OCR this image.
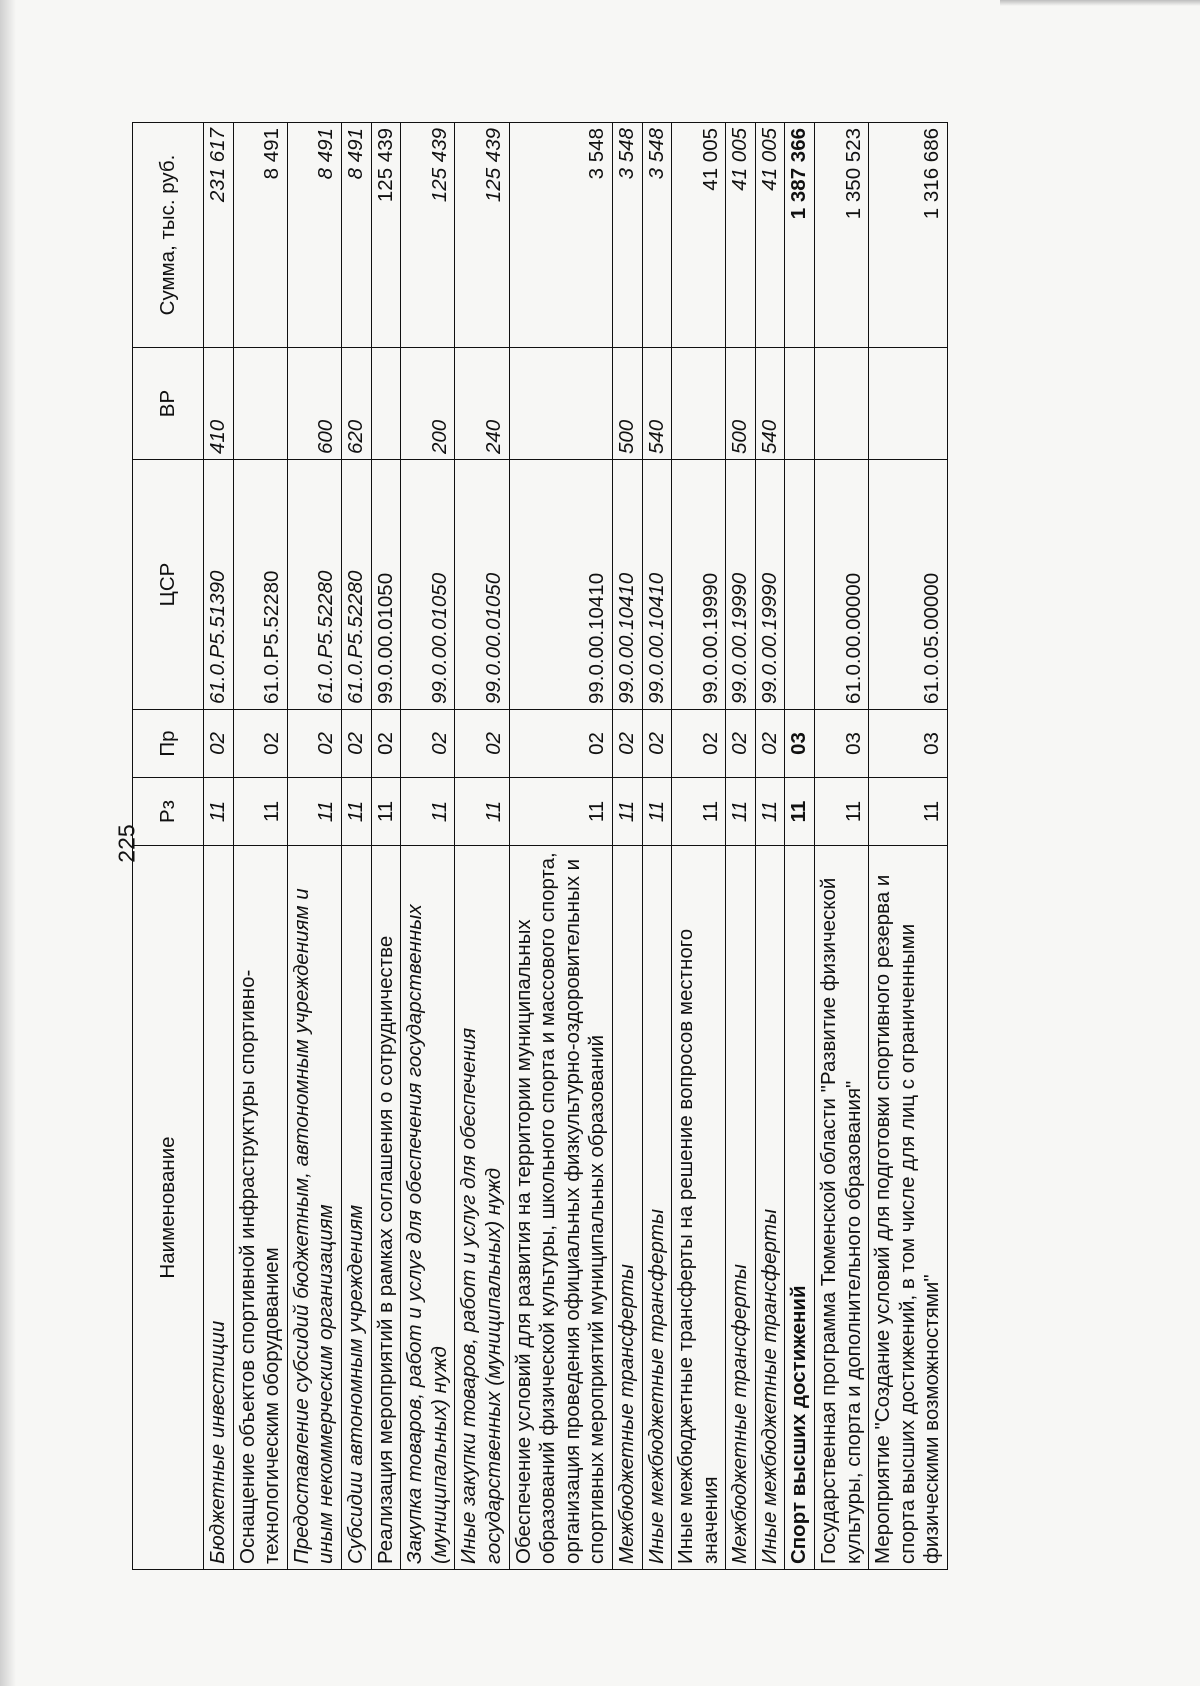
225
Наименование	Рз	Пр	ЦСР	ВР	Сумма, тыс. руб.
Бюджетные инвестиции	11	02	61.0.P5.51390	410	231 617
Оснащение объектов спортивной инфраструктуры спортивно-технологическим оборудованием	11	02	61.0.P5.52280		8 491
Предоставление субсидий бюджетным, автономным учреждениям и иным некоммерческим организациям	11	02	61.0.P5.52280	600	8 491
Субсидии автономным учреждениям	11	02	61.0.P5.52280	620	8 491
Реализация мероприятий в рамках соглашения о сотрудничестве	11	02	99.0.00.01050		125 439
Закупка товаров, работ и услуг для обеспечения государственных (муниципальных) нужд	11	02	99.0.00.01050	200	125 439
Иные закупки товаров, работ и услуг для обеспечения государственных (муниципальных) нужд	11	02	99.0.00.01050	240	125 439
Обеспечение условий для развития на территории муниципальных образований физической культуры, школьного спорта и массового спорта, организация проведения официальных физкультурно-оздоровительных и спортивных мероприятий муниципальных образований	11	02	99.0.00.10410		3 548
Межбюджетные трансферты	11	02	99.0.00.10410	500	3 548
Иные межбюджетные трансферты	11	02	99.0.00.10410	540	3 548
Иные межбюджетные трансферты на решение вопросов местного значения	11	02	99.0.00.19990		41 005
Межбюджетные трансферты	11	02	99.0.00.19990	500	41 005
Иные межбюджетные трансферты	11	02	99.0.00.19990	540	41 005
Спорт высших достижений	11	03			1 387 366
Государственная программа Тюменской области "Развитие физической культуры, спорта и дополнительного образования"	11	03	61.0.00.00000		1 350 523
Мероприятие "Создание условий для подготовки спортивного резерва и спорта высших достижений, в том числе для лиц с ограниченными физическими возможностями"	11	03	61.0.05.00000		1 316 686
